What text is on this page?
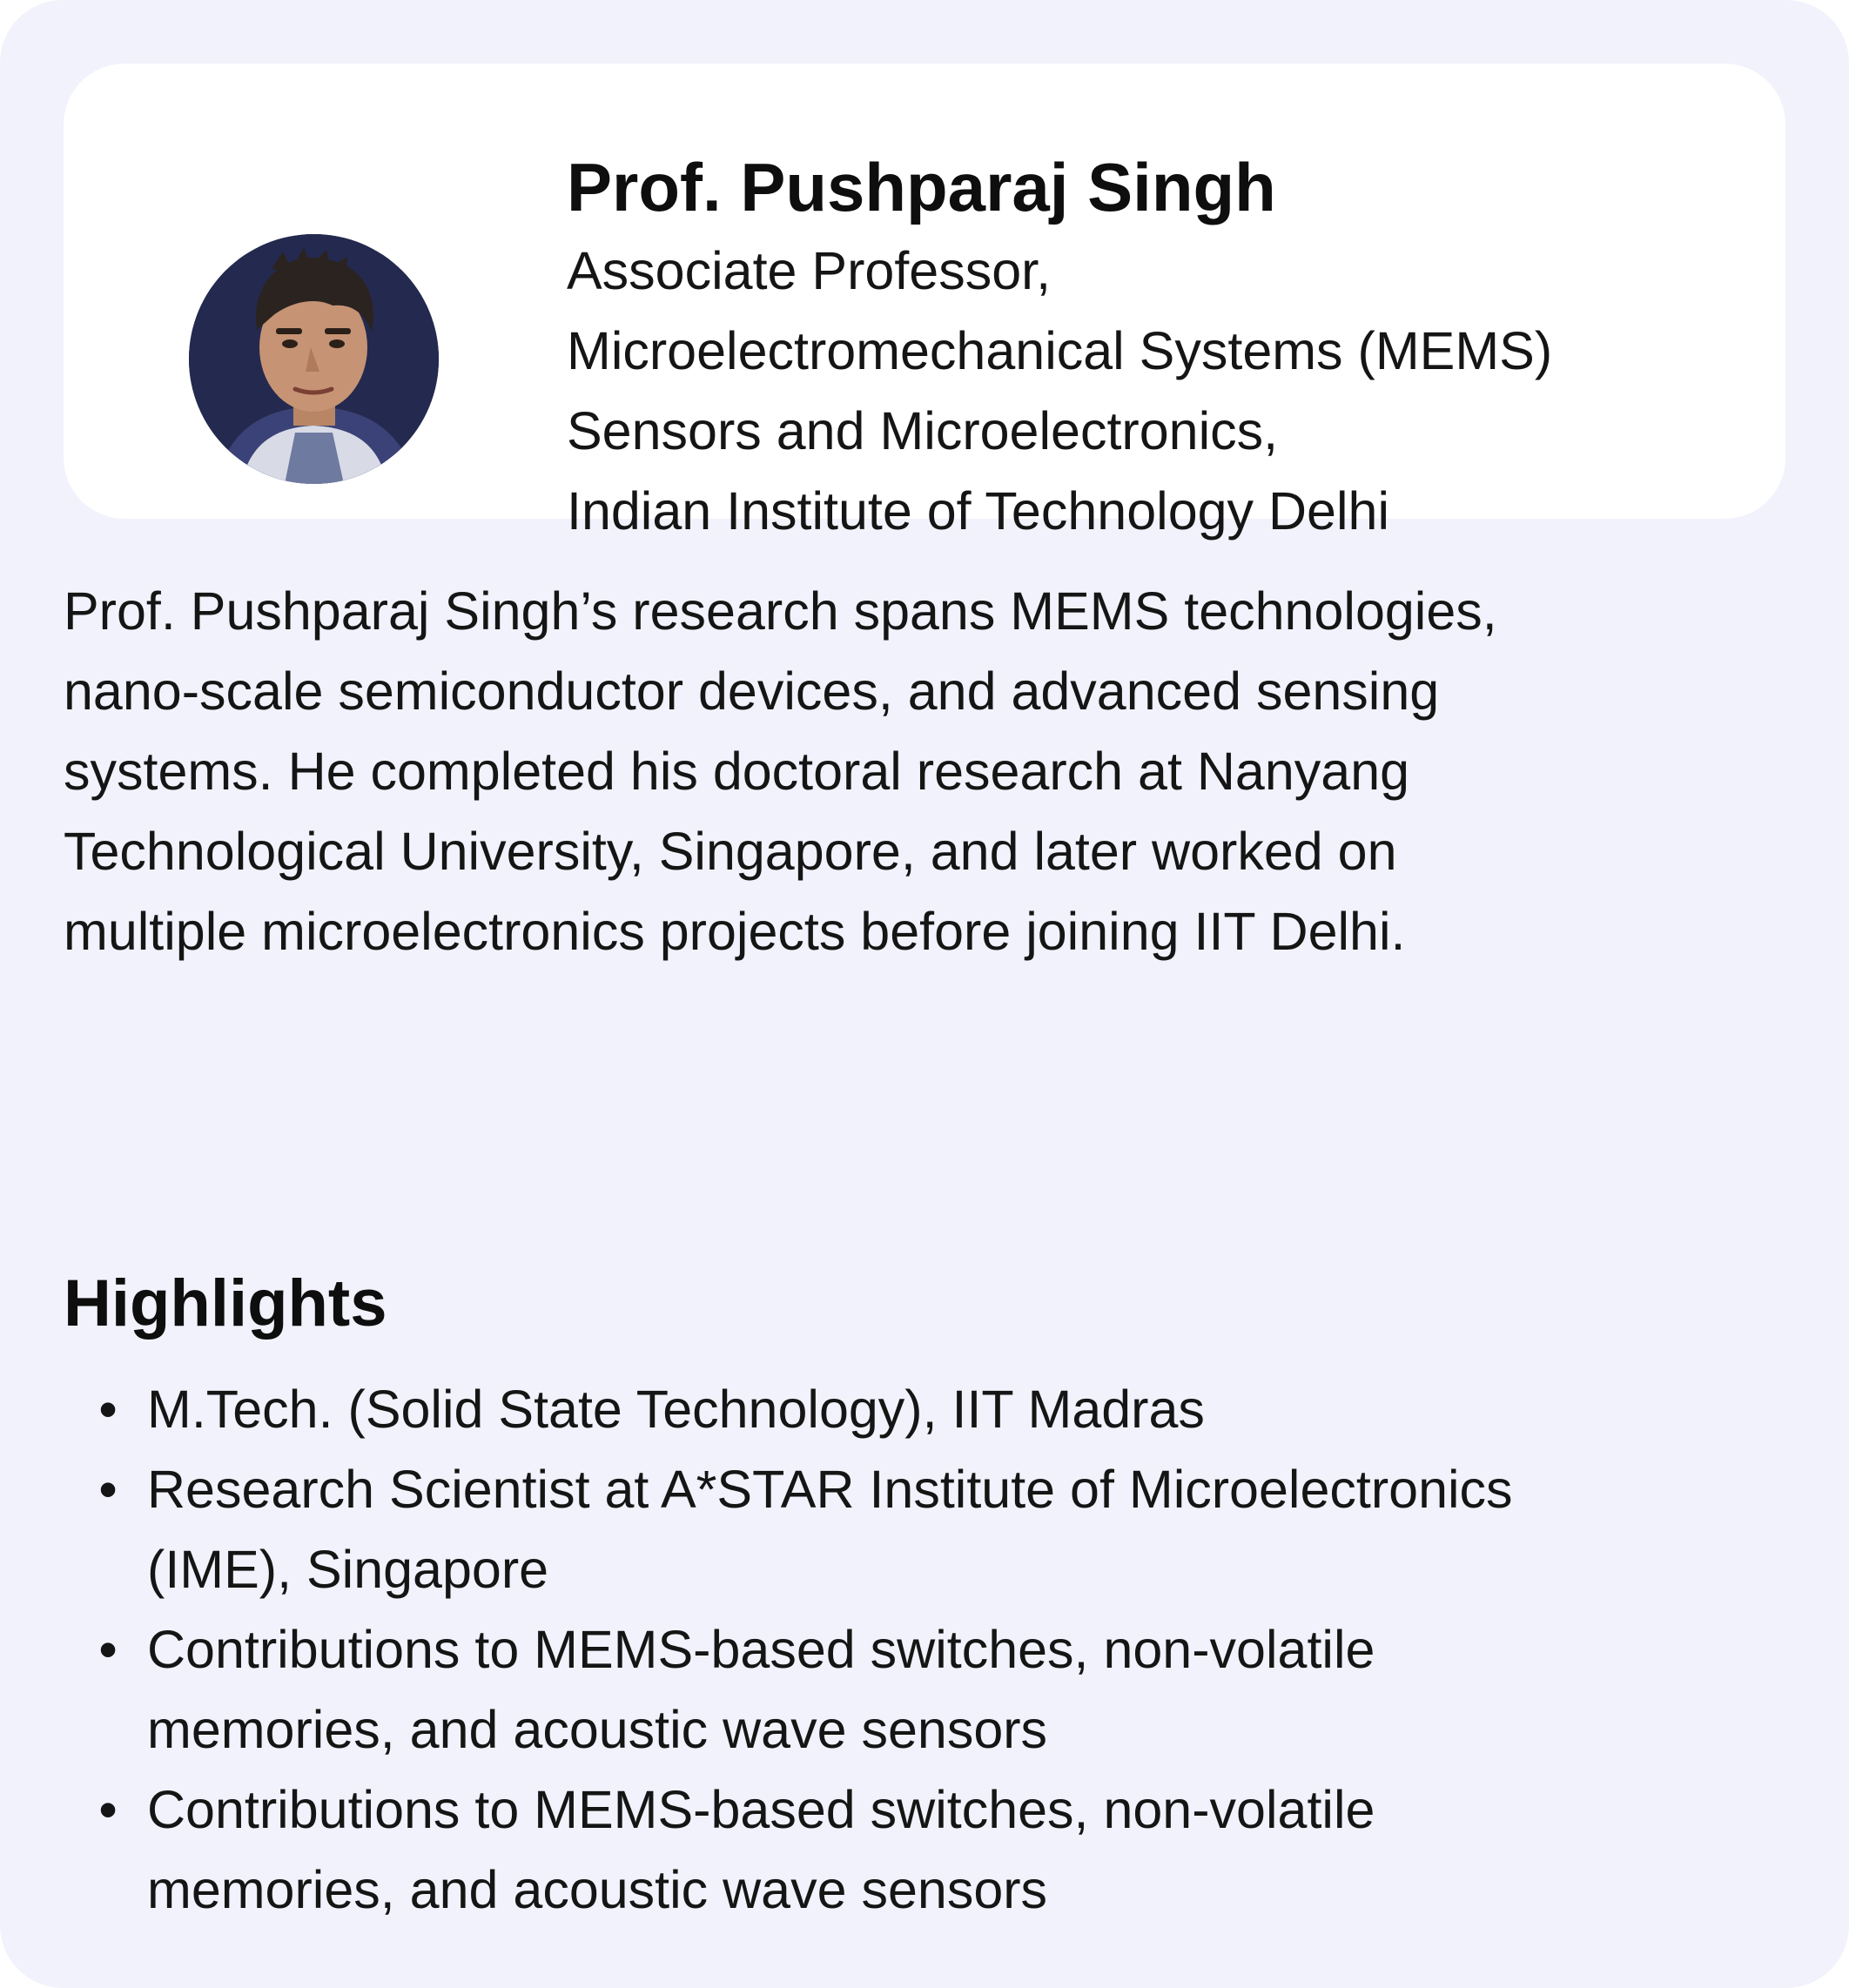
Prof. Pushparaj Singh
Associate Professor,
Microelectromechanical Systems (MEMS)
Sensors and Microelectronics,
Indian Institute of Technology Delhi
Prof. Pushparaj Singh’s research spans MEMS technologies,
nano-scale semiconductor devices, and advanced sensing
systems. He completed his doctoral research at Nanyang
Technological University, Singapore, and later worked on
multiple microelectronics projects before joining IIT Delhi.
Highlights
• M.Tech. (Solid State Technology), IIT Madras
• Research Scientist at A*STAR Institute of Microelectronics
(IME), Singapore
• Contributions to MEMS-based switches, non-volatile
memories, and acoustic wave sensors
• Contributions to MEMS-based switches, non-volatile
memories, and acoustic wave sensors
